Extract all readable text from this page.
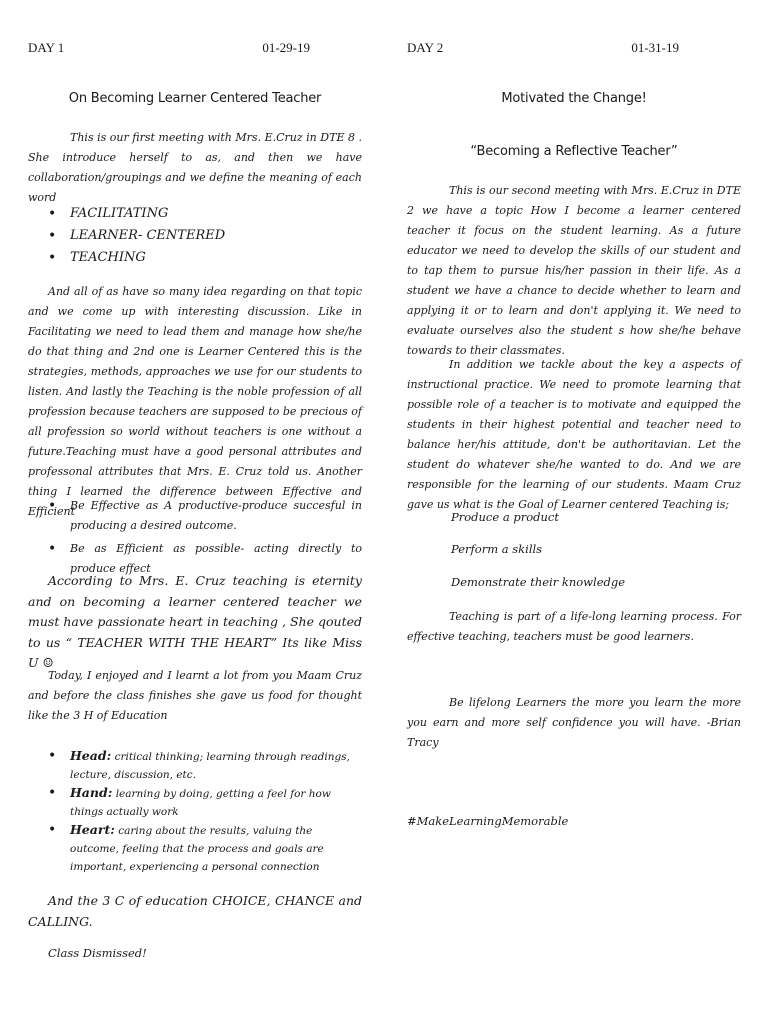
DAY 1	01-29-19
On Becoming Learner Centered Teacher

This is our first meeting with Mrs. E.Cruz in DTE 8 . She introduce herself to as, and then we have collaboration/groupings and we define the meaning of each word

• FACILITATING
• LEARNER- CENTERED
• TEACHING

And all of as have so many idea regarding on that topic and we come up with interesting discussion. Like in Facilitating we need to lead them and manage how she/he do that thing and 2nd one is Learner Centered this is the strategies, methods, approaches we use for our students to listen. And lastly the Teaching is the noble profession of all profession because teachers are supposed to be precious of all profession so world without teachers is one without a future.Teaching must have a good personal attributes and professonal attributes that Mrs. E. Cruz told us. Another thing I learned the difference between Effective and Efficient

• Be Effective as A productive-produce succesful in producing a desired outcome.
• Be as Efficient as possible- acting directly to produce effect

According to Mrs. E. Cruz teaching is eternity and on becoming a learner centered teacher we must have passionate heart in teaching , She qouted to us “ TEACHER WITH THE HEART” Its like Miss U ☺

Today, I enjoyed and I learnt a lot from you Maam Cruz and before the class finishes she gave us food for thought like the 3 H of Education

• Head: critical thinking; learning through readings, lecture, discussion, etc.
• Hand: learning by doing, getting a feel for how things actually work
• Heart: caring about the results, valuing the outcome, feeling that the process and goals are important, experiencing a personal connection

And the 3 C of education CHOICE, CHANCE and CALLING.

Class Dismissed!
DAY 2	01-31-19
Motivated the Change!
“Becoming a Reflective Teacher”

This is our second meeting with Mrs. E.Cruz in DTE 2 we have a topic How I become a learner centered teacher it focus on the student learning. As a future educator we need to develop the skills of our student and to tap them to pursue his/her passion in their life. As a student we have a chance to decide whether to learn and applying it or to learn and don't applying it. We need to evaluate ourselves also the student s how she/he behave towards to their classmates.

In addition we tackle about the key a aspects of instructional practice. We need to promote learning that possible role of a teacher is to motivate and equipped the students in their highest potential and teacher need to balance her/his attitude, don't be authoritavian. Let the student do whatever she/he wanted to do. And we are responsible for the learning of our students. Maam Cruz gave us what is the Goal of Learner centered Teaching is;

Produce a product
Perform a skills
Demonstrate their knowledge

Teaching is part of a life-long learning process. For effective teaching, teachers must be good learners.

Be lifelong Learners the more you learn the more you earn and more self confidence you will have. -Brian Tracy

#MakeLearningMemorable
